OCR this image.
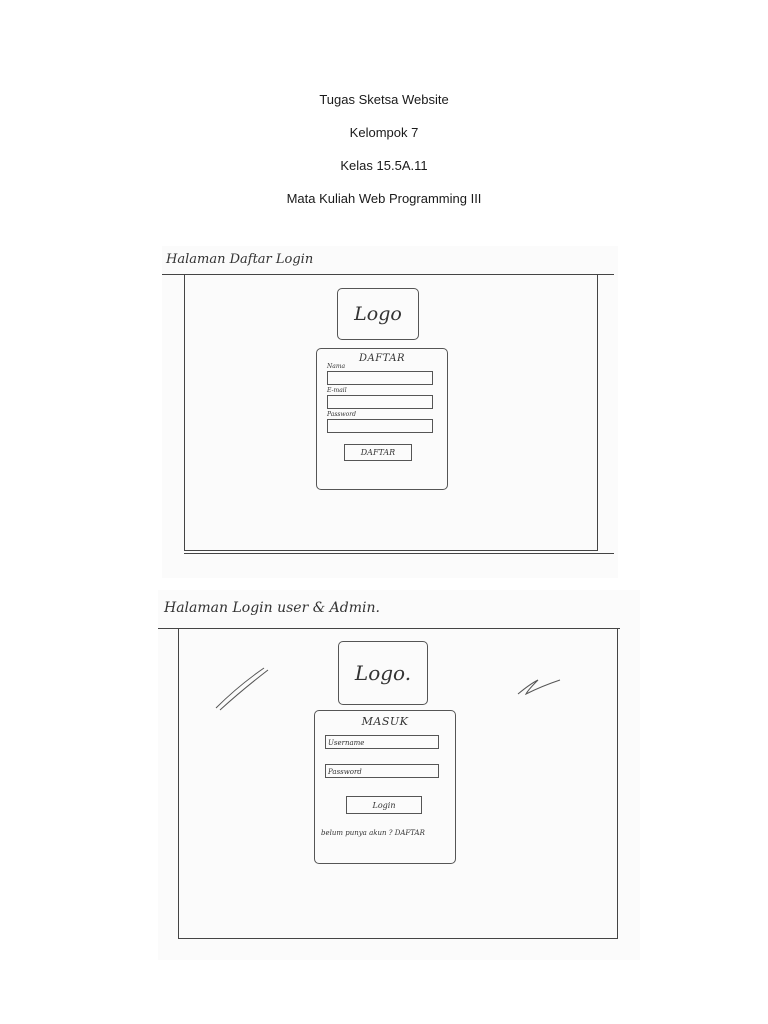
Tugas Sketsa Website
Kelompok 7
Kelas 15.5A.11
Mata Kuliah Web Programming III
Halaman Daftar Login
Logo
DAFTAR
Nama
E-mail
Password
DAFTAR
Halaman Login user & Admin.
Logo.
MASUK
Username
Password
Login
belum punya akun ? DAFTAR
